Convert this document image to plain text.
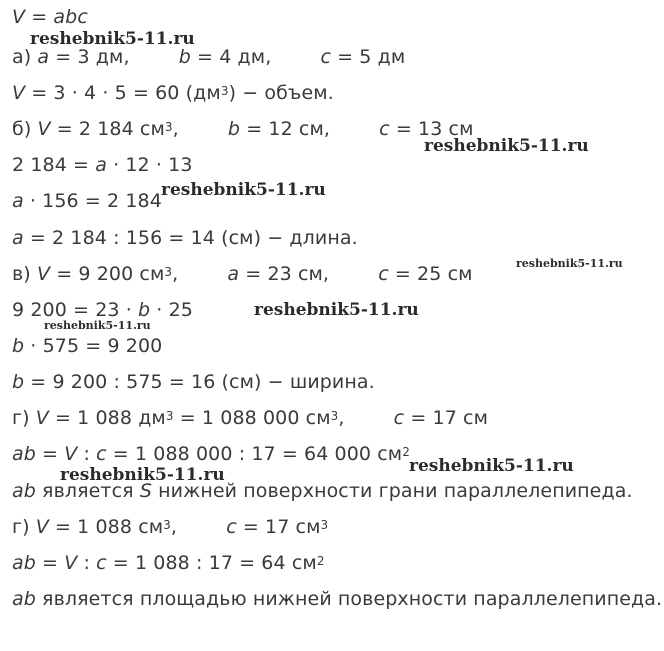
V = abc
а) a = 3 дм,        b = 4 дм,        c = 5 дм
V = 3 · 4 · 5 = 60 $(дм^3)$ − объем.
б) V = 2 184 $см^3$,        b = 12 см,        c = 13 см
2 184 = a · 12 · 13
a · 156 = 2 184
a = 2 184 : 156 = 14 (см) − длина.
в) V = 9 200 $см^3$,        a = 23 см,        c = 25 см
9 200 = 23 · b · 25
b · 575 = 9 200
b = 9 200 : 575 = 16 (см) − ширина.
г) V = 1 088 $дм^3 = 1$ 088 000 $см^3$,        c = 17 см
ab = V : c = 1 088 000 : 17 = 64 000 $см^2$
ab является S нижней поверхности грани параллелепипеда.
г) V = 1 088 $см^3$,        c = 17 $см^3$
ab = V : c = 1 088 : 17 = 64 $см^2$
ab является площадью нижней поверхности параллелепипеда.
reshebnik5-11.ru
reshebnik5-11.ru
reshebnik5-11.ru
reshebnik5-11.ru
reshebnik5-11.ru
reshebnik5-11.ru
reshebnik5-11.ru
reshebnik5-11.ru
